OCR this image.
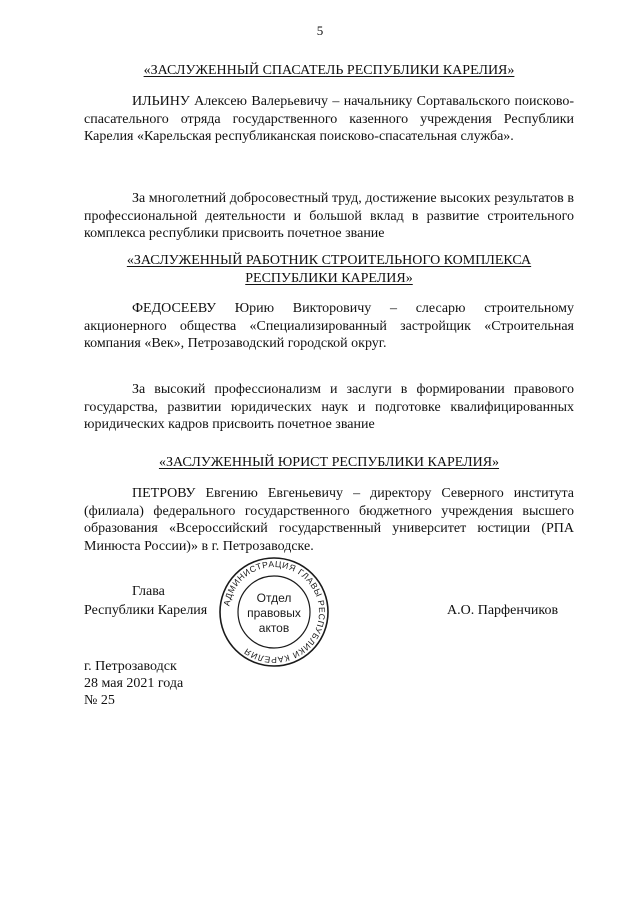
5
«ЗАСЛУЖЕННЫЙ СПАСАТЕЛЬ РЕСПУБЛИКИ КАРЕЛИЯ»
ИЛЬИНУ Алексею Валерьевичу – начальнику Сортавальского поисково-спасательного отряда государственного казенного учреждения Республики Карелия «Карельская республиканская поисково-спасательная служба».
За многолетний добросовестный труд, достижение высоких результатов в профессиональной деятельности и большой вклад в развитие строительного комплекса республики присвоить почетное звание
«ЗАСЛУЖЕННЫЙ РАБОТНИК СТРОИТЕЛЬНОГО КОМПЛЕКСА РЕСПУБЛИКИ КАРЕЛИЯ»
ФЕДОСЕЕВУ Юрию Викторовичу – слесарю строительному акционерного общества «Специализированный застройщик «Строительная компания «Век», Петрозаводский городской округ.
За высокий профессионализм и заслуги в формировании правового государства, развитии юридических наук и подготовке квалифицированных юридических кадров присвоить почетное звание
«ЗАСЛУЖЕННЫЙ ЮРИСТ РЕСПУБЛИКИ КАРЕЛИЯ»
ПЕТРОВУ Евгению Евгеньевичу – директору Северного института (филиала) федерального государственного бюджетного учреждения высшего образования «Всероссийский государственный университет юстиции (РПА Минюста России)» в г. Петрозаводске.
Глава
Республики Карелия	А.О. Парфенчиков
АДМИНИСТРАЦИЯ ГЛАВЫ РЕСПУБЛИКИ КАРЕЛИЯ
Отдел
правовых
актов
г. Петрозаводск
28 мая 2021 года
№ 25
